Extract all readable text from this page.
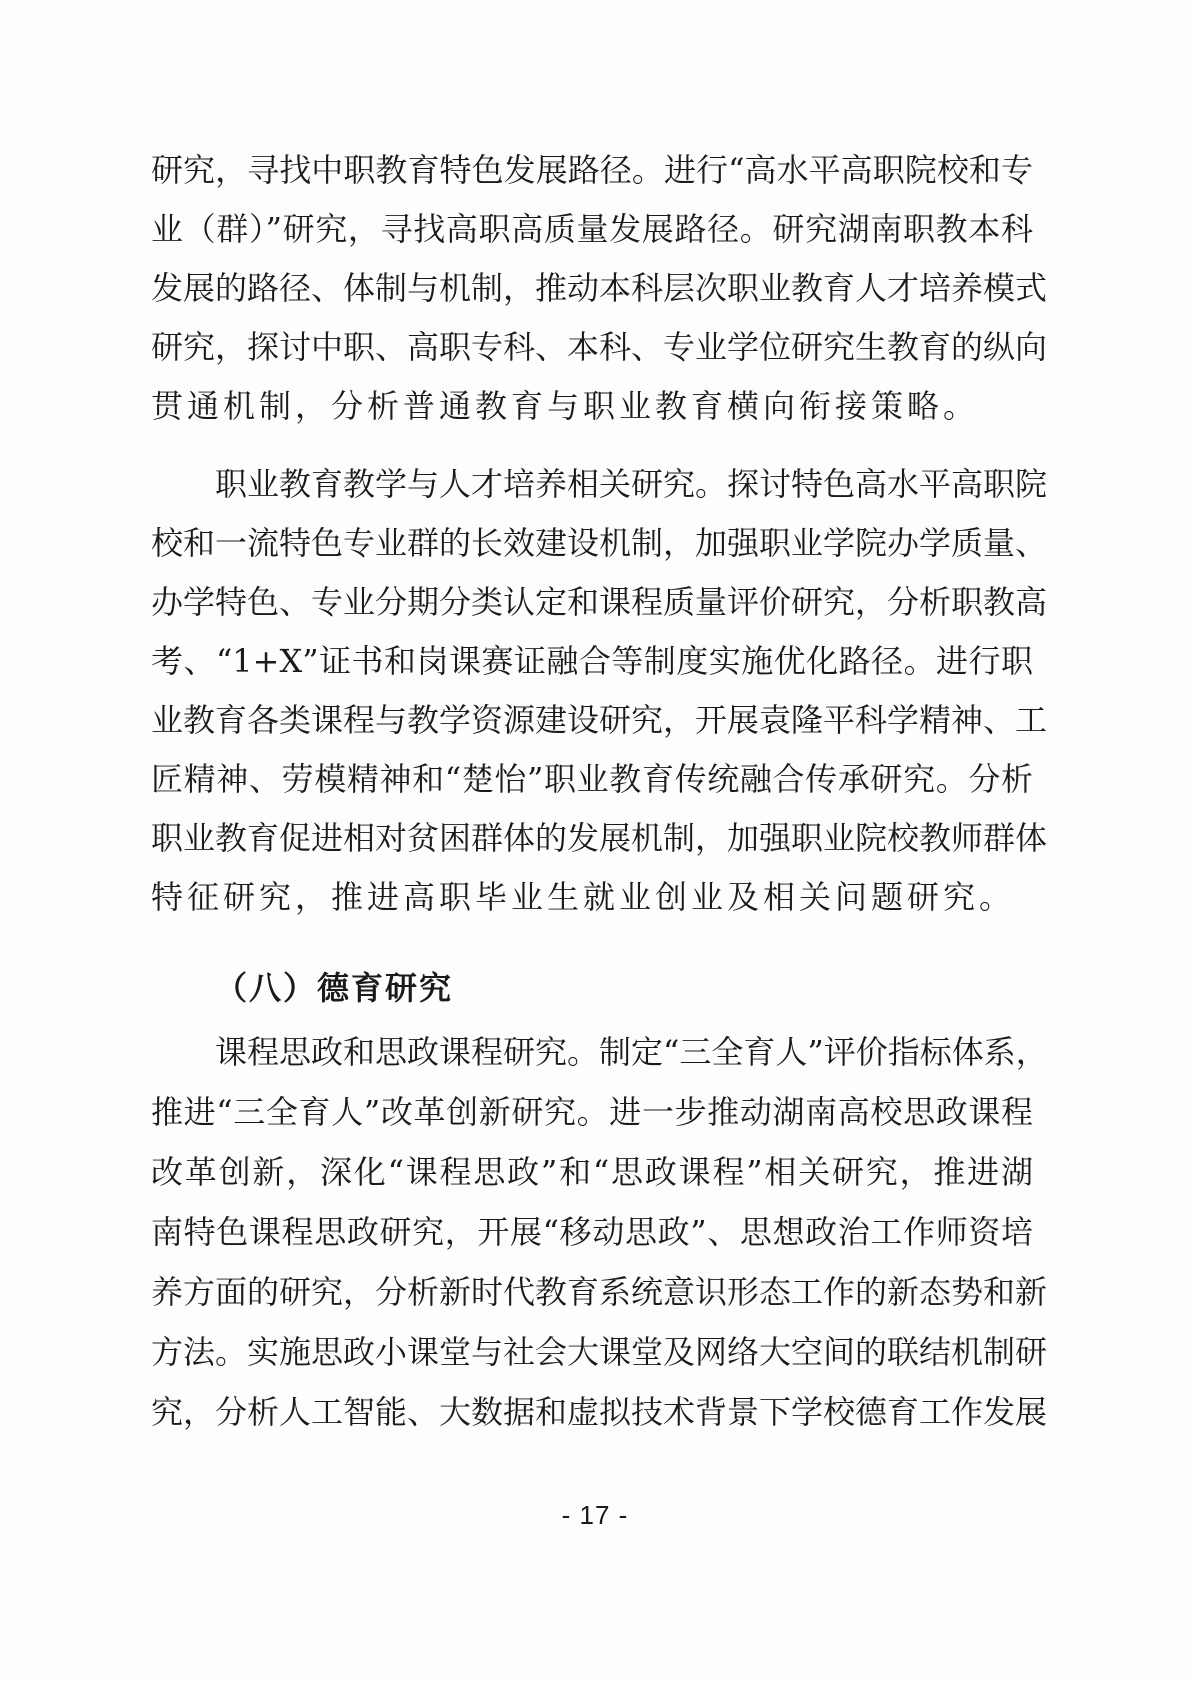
研究，寻找中职教育特色发展路径。进行“高水平高职院校和专
业（群）”研究，寻找高职高质量发展路径。研究湖南职教本科
发展的路径、体制与机制，推动本科层次职业教育人才培养模式
研究，探讨中职、高职专科、本科、专业学位研究生教育的纵向
贯通机制，分析普通教育与职业教育横向衔接策略。
职业教育教学与人才培养相关研究。探讨特色高水平高职院
校和一流特色专业群的长效建设机制，加强职业学院办学质量、
办学特色、专业分期分类认定和课程质量评价研究，分析职教高
考、“1+X”证书和岗课赛证融合等制度实施优化路径。进行职
业教育各类课程与教学资源建设研究，开展袁隆平科学精神、工
匠精神、劳模精神和“楚怡”职业教育传统融合传承研究。分析
职业教育促进相对贫困群体的发展机制，加强职业院校教师群体
特征研究，推进高职毕业生就业创业及相关问题研究。
（八）德育研究
课程思政和思政课程研究。制定“三全育人”评价指标体系，
推进“三全育人”改革创新研究。进一步推动湖南高校思政课程
改革创新，深化“课程思政”和“思政课程”相关研究，推进湖
南特色课程思政研究，开展“移动思政”、思想政治工作师资培
养方面的研究，分析新时代教育系统意识形态工作的新态势和新
方法。实施思政小课堂与社会大课堂及网络大空间的联结机制研
究，分析人工智能、大数据和虚拟技术背景下学校德育工作发展
- 17 -
